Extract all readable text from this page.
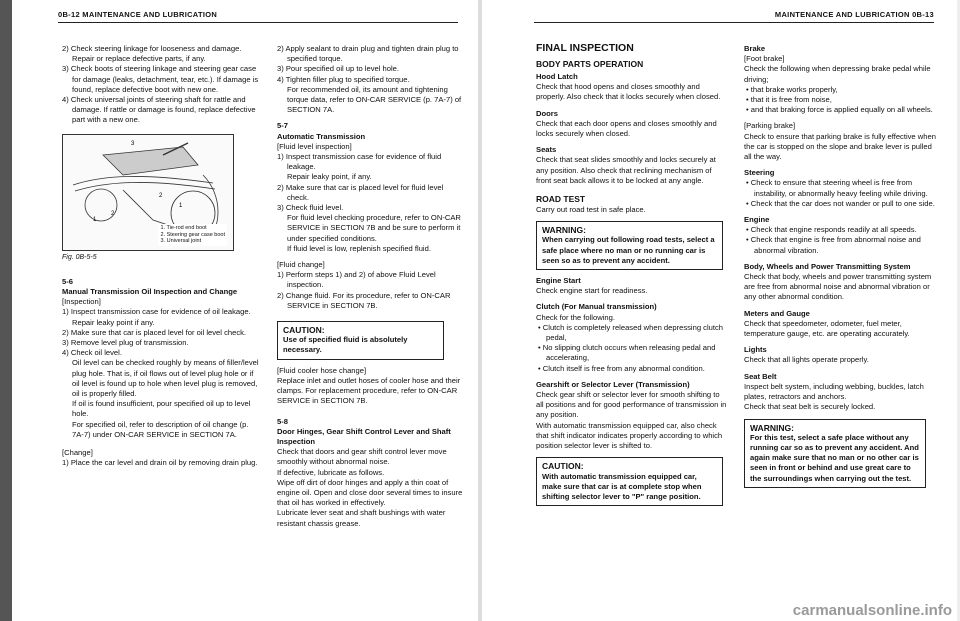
0B-12 MAINTENANCE AND LUBRICATION

2) Check steering linkage for looseness and damage. Repair or replace defective parts, if any.

3) Check boots of steering linkage and steering gear case for damage (leaks, detachment, tear, etc.). If damage is found, replace defective boot with new one.

4) Check universal joints of steering shaft for rattle and damage. If rattle or damage is found, replace defective part with a new one.

3
1
2
2
1
1. Tie-rod end boot
2. Steering gear case boot
3. Universal joint

Fig. 0B-5-5

5-6

Manual Transmission Oil Inspection and Change

[Inspection]

1) Inspect transmission case for evidence of oil leakage.

Repair leaky point if any.

2) Make sure that car is placed level for oil level check.

3) Remove level plug of transmission.

4) Check oil level.

Oil level can be checked roughly by means of filler/level plug hole. That is, if oil flows out of level plug hole or if oil level is found up to hole when level plug is removed, oil is properly filled.

If oil is found insufficient, pour specified oil up to level hole.

For specified oil, refer to description of oil change (p. 7A-7) under ON-CAR SERVICE in SECTION 7A.

[Change]

1) Place the car level and drain oil by removing drain plug.

2) Apply sealant to drain plug and tighten drain plug to specified torque.

3) Pour specified oil up to level hole.

4) Tighten filler plug to specified torque.

For recommended oil, its amount and tightening torque data, refer to ON-CAR SERVICE (p. 7A-7) of SECTION 7A.

5-7

Automatic Transmission

[Fluid level inspection]

1) Inspect transmission case for evidence of fluid leakage.

Repair leaky point, if any.

2) Make sure that car is placed level for fluid level check.

3) Check fluid level.

For fluid level checking procedure, refer to ON-CAR SERVICE in SECTION 7B and be sure to perform it under specified conditions.

If fluid level is low, replenish specified fluid.

[Fluid change]

1) Perform steps 1) and 2) of above Fluid Level inspection.

2) Change fluid. For its procedure, refer to ON-CAR SERVICE in SECTION 7B.

CAUTION:
Use of specified fluid is absolutely necessary.

[Fluid cooler hose change]

Replace inlet and outlet hoses of cooler hose and their clamps. For replacement procedure, refer to ON-CAR SERVICE in SECTION 7B.

5-8

Door Hinges, Gear Shift Control Lever and Shaft Inspection

Check that doors and gear shift control lever move smoothly without abnormal noise.

If defective, lubricate as follows.

Wipe off dirt of door hinges and apply a thin coat of engine oil. Open and close door several times to insure that oil has worked in effectively.

Lubricate lever seat and shaft bushings with water resistant chassis grease.

MAINTENANCE AND LUBRICATION 0B-13

FINAL INSPECTION

BODY PARTS OPERATION

Hood Latch

Check that hood opens and closes smoothly and properly. Also check that it locks securely when closed.

Doors

Check that each door opens and closes smoothly and locks securely when closed.

Seats

Check that seat slides smoothly and locks securely at any position. Also check that reclining mechanism of front seat back allows it to be locked at any angle.

ROAD TEST

Carry out road test in safe place.

WARNING:
When carrying out following road tests, select a safe place where no man or no running car is seen so as to prevent any accident.

Engine Start

Check engine start for readiness.

Clutch (For Manual transmission)

Check for the following.

• Clutch is completely released when depressing clutch pedal,

• No slipping clutch occurs when releasing pedal and accelerating,

• Clutch itself is free from any abnormal condition.

Gearshift or Selector Lever (Transmission)

Check gear shift or selector lever for smooth shifting to all positions and for good performance of transmission in any position.

With automatic transmission equipped car, also check that shift indicator indicates properly according to which position selector lever is shifted to.

CAUTION:
With automatic transmission equipped car, make sure that car is at complete stop when shifting selector lever to "P" range position.

Brake

[Foot brake]

Check the following when depressing brake pedal while driving;

• that brake works properly,

• that it is free from noise,

• and that braking force is applied equally on all wheels.

[Parking brake]

Check to ensure that parking brake is fully effective when the car is stopped on the slope and brake lever is pulled all the way.

Steering

• Check to ensure that steering wheel is free from instability, or abnormally heavy feeling while driving.

• Check that the car does not wander or pull to one side.

Engine

• Check that engine responds readily at all speeds.

• Check that engine is free from abnormal noise and abnormal vibration.

Body, Wheels and Power Transmitting System

Check that body, wheels and power transmitting system are free from abnormal noise and abnormal vibration or any other abnormal condition.

Meters and Gauge

Check that speedometer, odometer, fuel meter, temperature gauge, etc. are operating accurately.

Lights

Check that all lights operate properly.

Seat Belt

Inspect belt system, including webbing, buckles, latch plates, retractors and anchors.

Check that seat belt is securely locked.

WARNING:
For this test, select a safe place without any running car so as to prevent any accident. And again make sure that no man or no other car is seen in front or behind and use great care to the surroundings when carrying out the test.
carmanualsonline.info
